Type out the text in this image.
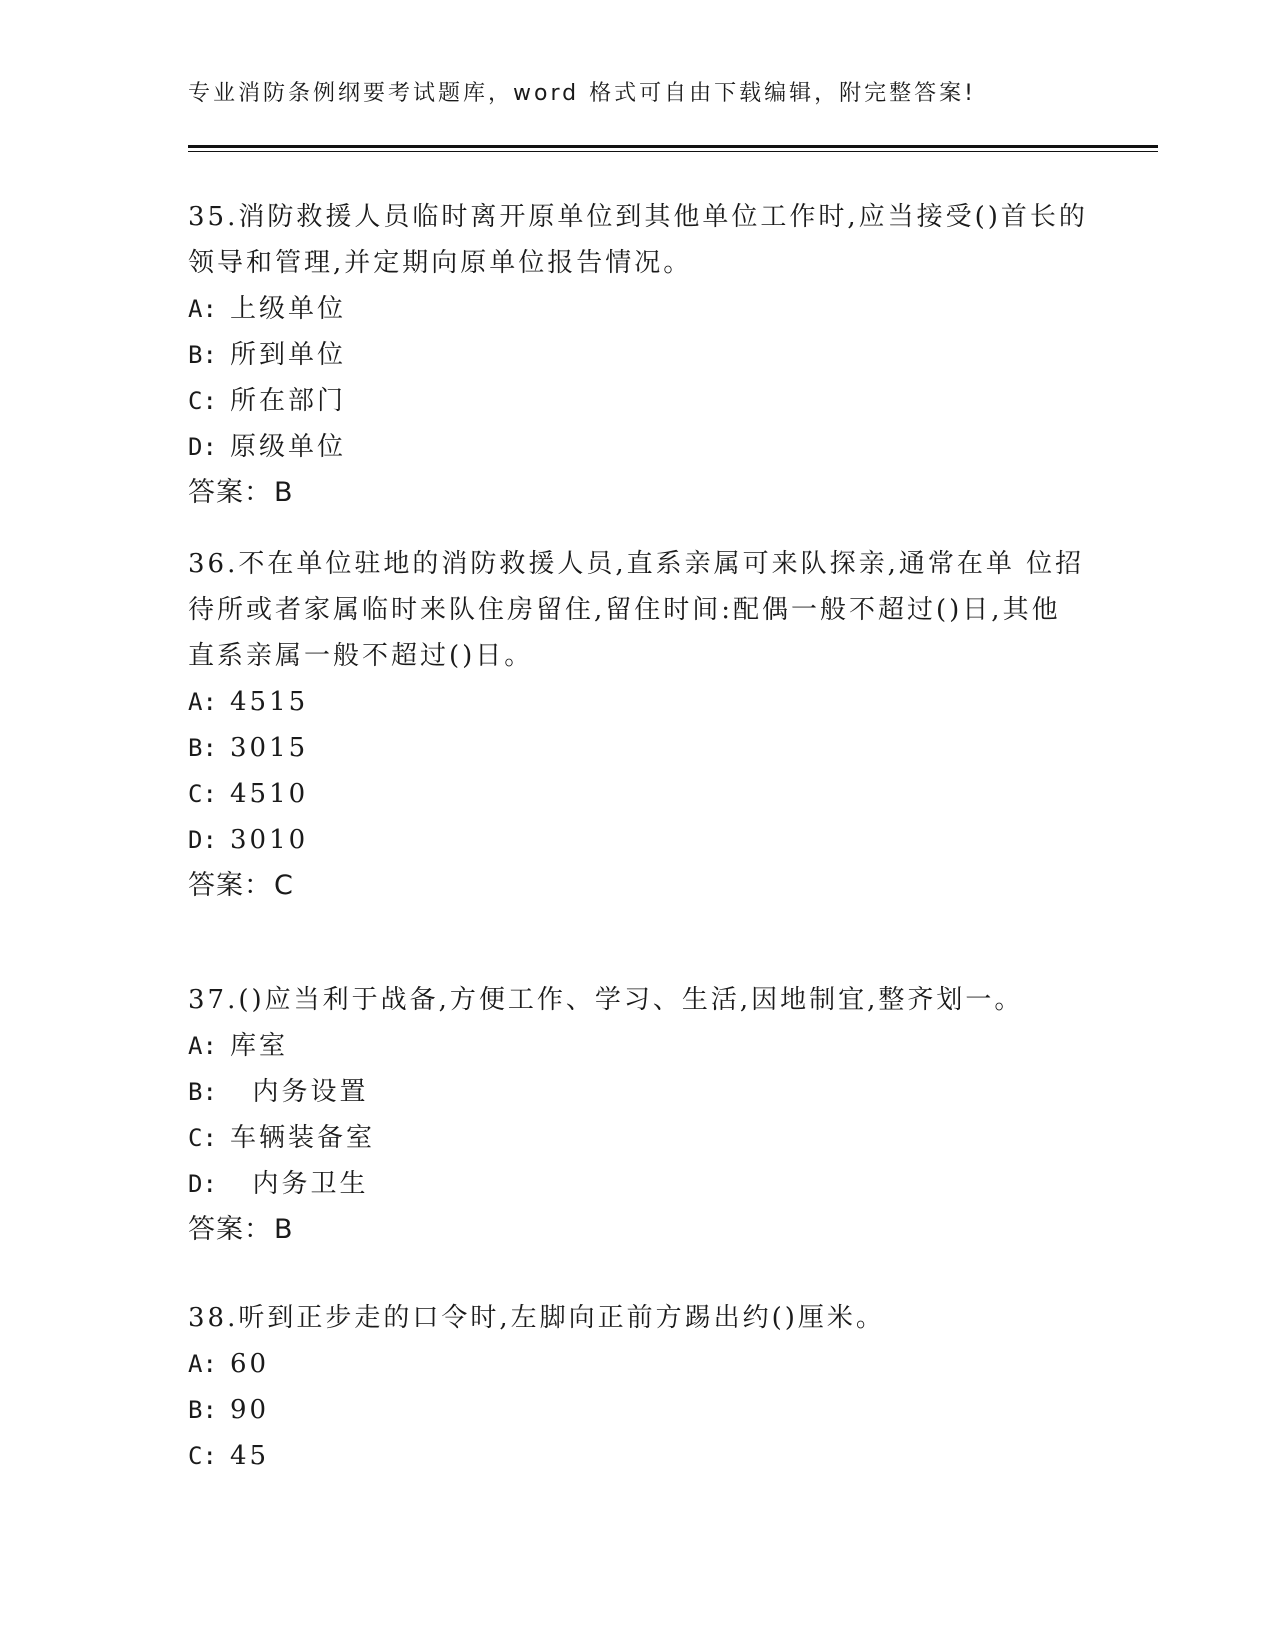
专业消防条例纲要考试题库，word 格式可自由下载编辑，附完整答案!

35.消防救援人员临时离开原单位到其他单位工作时,应当接受()首长的领导和管理,并定期向原单位报告情况。

A: 上级单位
B: 所到单位
C: 所在部门
D: 原级单位
答案：B

36.不在单位驻地的消防救援人员,直系亲属可来队探亲,通常在单 位招待所或者家属临时来队住房留住,留住时间:配偶一般不超过()日,其他直系亲属一般不超过()日。

A: 4515
B: 3015
C: 4510
D: 3010
答案：C

37.()应当利于战备,方便工作、学习、生活,因地制宜,整齐划一。

A: 库室
B:  内务设置
C: 车辆装备室
D:  内务卫生
答案：B

38.听到正步走的口令时,左脚向正前方踢出约()厘米。

A: 60
B: 90
C: 45
